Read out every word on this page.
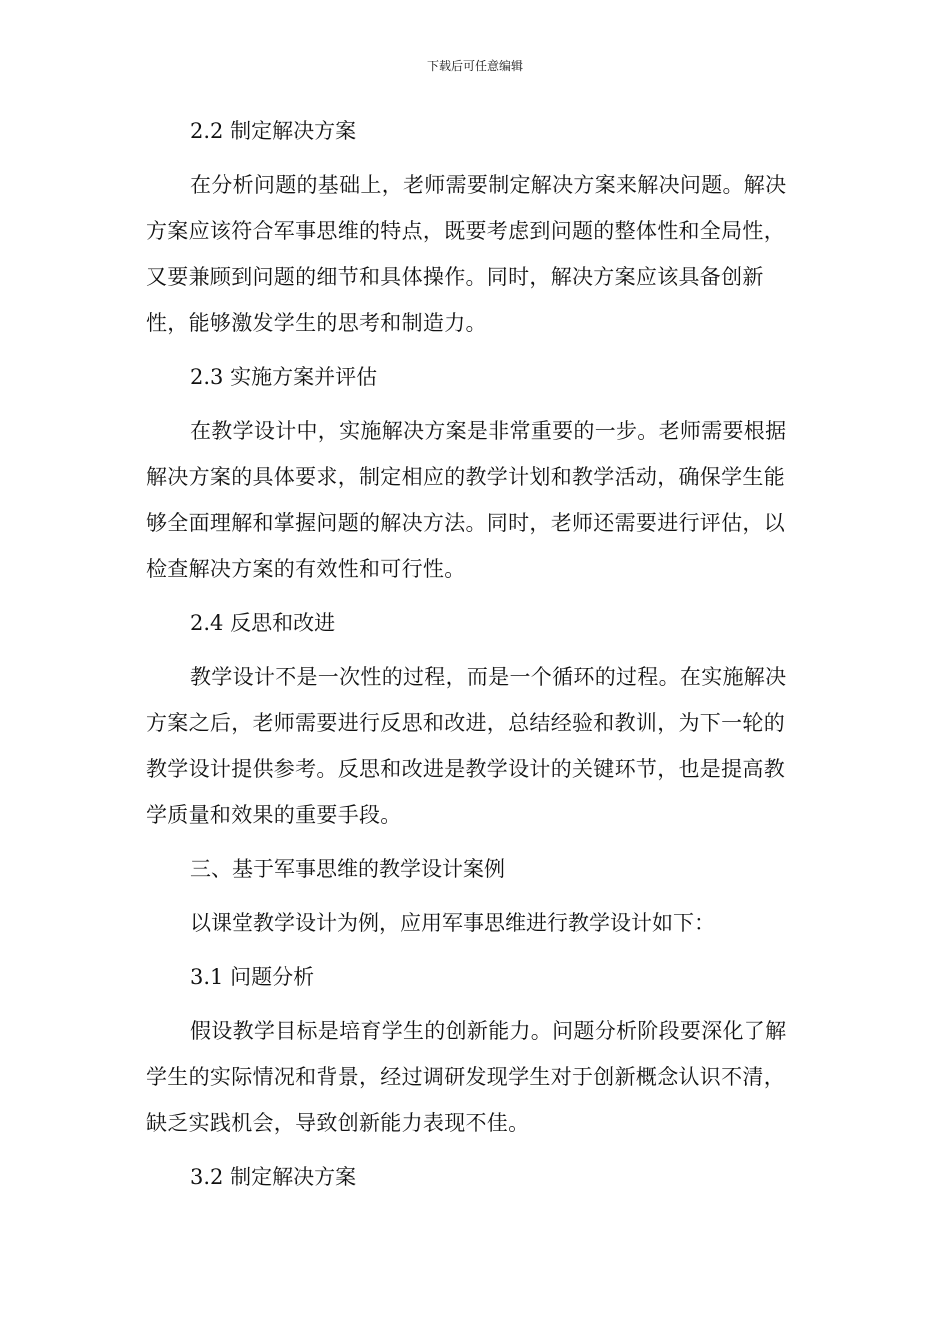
下载后可任意编辑

2.2 制定解决方案

在分析问题的基础上，老师需要制定解决方案来解决问题。解决方案应该符合军事思维的特点，既要考虑到问题的整体性和全局性，又要兼顾到问题的细节和具体操作。同时，解决方案应该具备创新性，能够激发学生的思考和制造力。

2.3 实施方案并评估

在教学设计中，实施解决方案是非常重要的一步。老师需要根据解决方案的具体要求，制定相应的教学计划和教学活动，确保学生能够全面理解和掌握问题的解决方法。同时，老师还需要进行评估，以检查解决方案的有效性和可行性。

2.4 反思和改进

教学设计不是一次性的过程，而是一个循环的过程。在实施解决方案之后，老师需要进行反思和改进，总结经验和教训，为下一轮的教学设计提供参考。反思和改进是教学设计的关键环节，也是提高教学质量和效果的重要手段。

三、基于军事思维的教学设计案例

以课堂教学设计为例，应用军事思维进行教学设计如下：

3.1 问题分析

假设教学目标是培育学生的创新能力。问题分析阶段要深化了解学生的实际情况和背景，经过调研发现学生对于创新概念认识不清，缺乏实践机会，导致创新能力表现不佳。

3.2 制定解决方案
